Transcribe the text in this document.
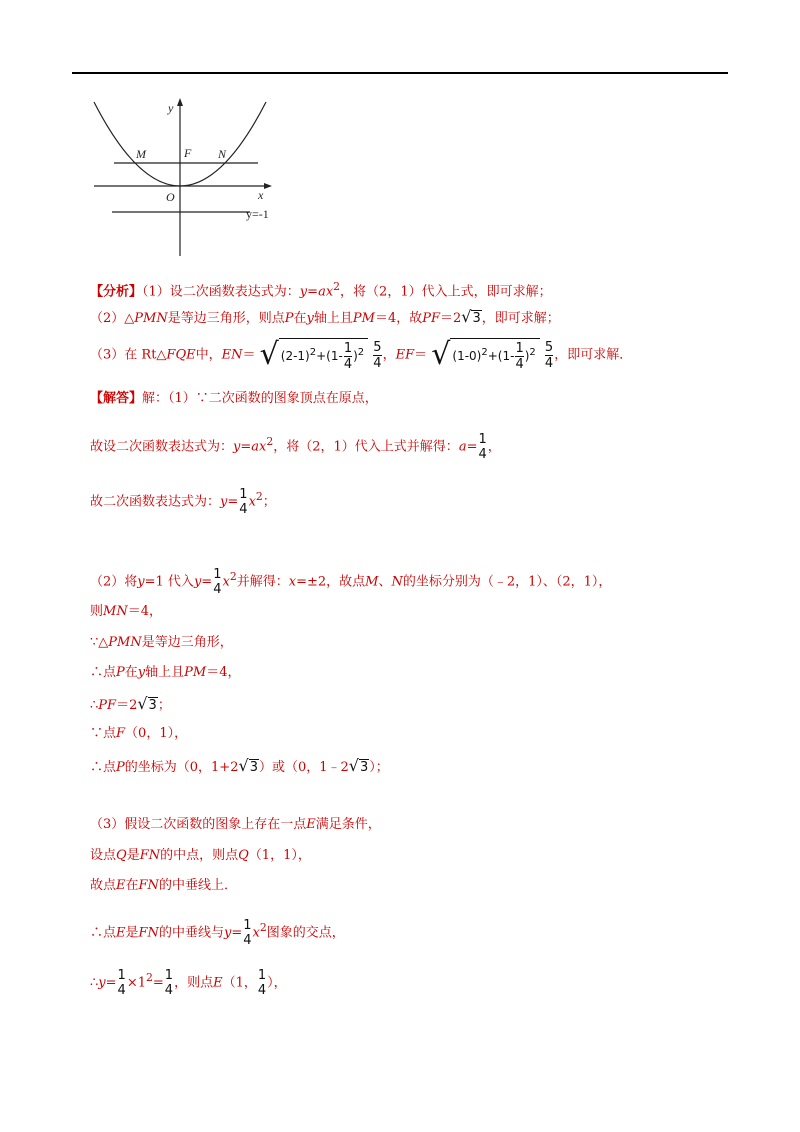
y
x
O
M	F N
y=-1
【分析】（1）设二次函数表达式为：$y=ax^2$，将（2，1）代入上式，即可求解；
（2）△PMN是等边三角形，则点P在y轴上且PM＝4，故PF＝2√3，即可求解；
（3）在 Rt△FQE中，EN＝ √ $(2-1)^2+(1- \frac{1}{4} )^2 \frac{5}{4}$ ，EF＝ √ $(1-0)^2+(1- \frac{1}{4} )^2 \frac{5}{4}$ ，即可求解．
【解答】解：（1）∵二次函数的图象顶点在原点，
故设二次函数表达式为：$y=ax^2$，将（2，1）代入上式并解得：a= 1
4 ，
故二次函数表达式为：y= 1
4 $x^2$；
（2）将y=1 代入y= 1
4 $x^2$并解得：x=±2，故点M、N的坐标分别为（﹣2，1）、（2，1），
则MN＝4，
∵△PMN是等边三角形，
∴点P在y轴上且PM＝4，
∴PF＝2√3；
∵点F（0，1），
∴点P的坐标为（0，1+2√3）或（0，1﹣2√3）；
（3）假设二次函数的图象上存在一点E满足条件，
设点Q是FN的中点，则点Q（1，1），
故点E在FN的中垂线上．
∴点E是FN的中垂线与y= 1
4 $x^2$图象的交点，
∴y= 1
$4 \times 1^2= 1$
4 ，则点E（1， 1
4 ），
